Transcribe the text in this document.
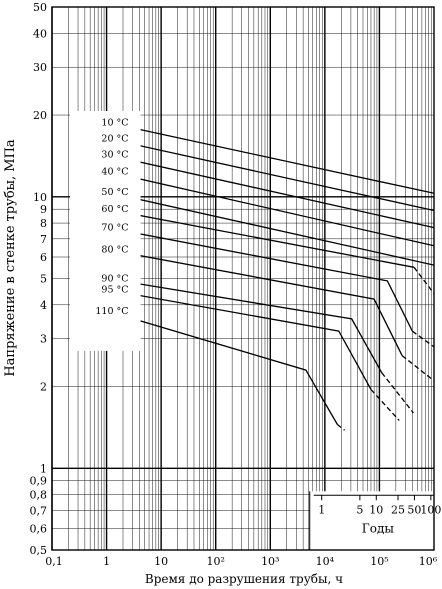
1	5 10 25 50
100
Годы
10 °C
20 °C
30 °C
40 °C
50 °C
60 °C
70 °C
80 °C
90 °C
95 °C
110 °C
50
40
30
20
10
9
8
7
6
5
4
3
2
1
0,9
0,8
0,7
0,6
0,5
0,1	1	10	10²	10³	10⁴	10⁵	10⁶
Напряжение в стенке трубы, МПа
Время до разрушения трубы, ч
